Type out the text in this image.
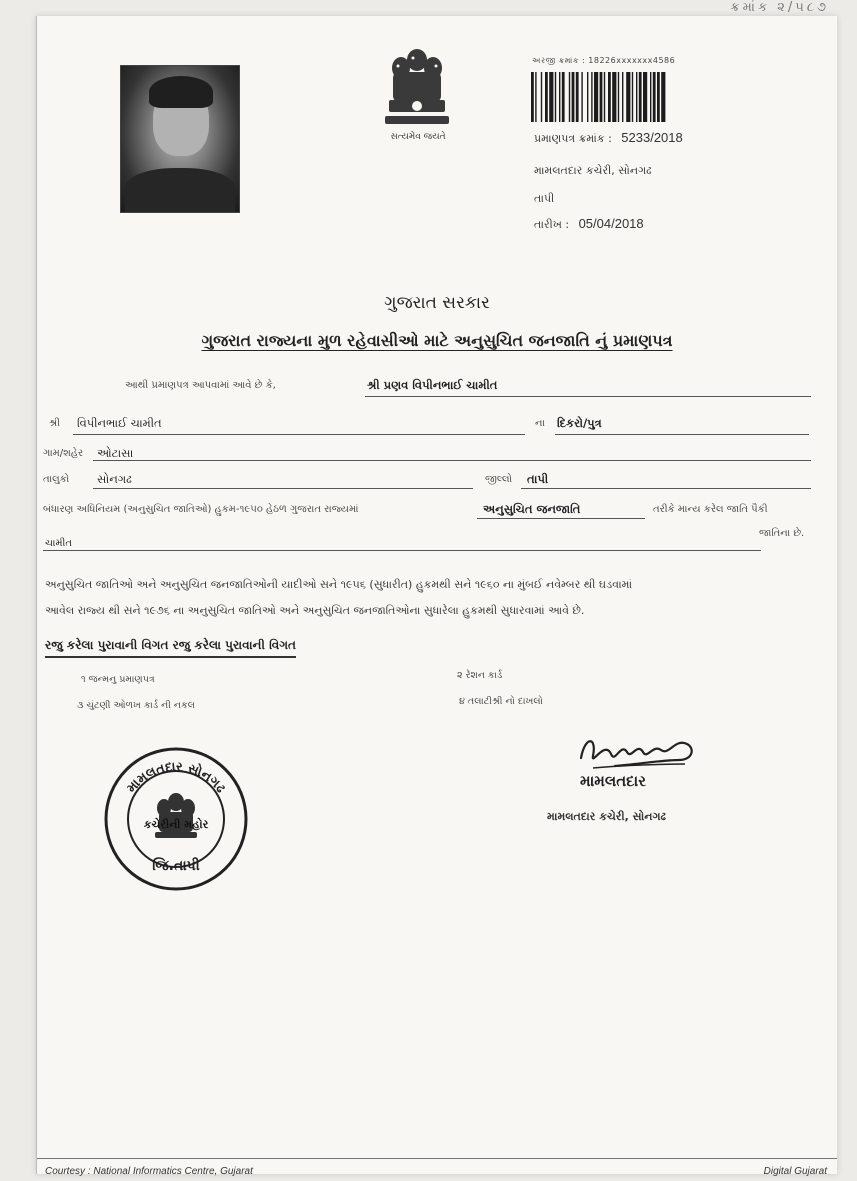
ક્રમાંક ૨/૫૮૭
સત્યમેવ જયતે
અરજી ક્રમાંક : 18226xxxxxxx4586
પ્રમાણપત્ર ક્રમાંક : 5233/2018
મામલતદાર કચેરી, સોનગઢ
તાપી
તારીખ : 05/04/2018
ગુજરાત સરકાર
ગુજરાત રાજ્યના મુળ રહેવાસીઓ માટે અનુસુચિત જનજાતિ નું પ્રમાણપત્ર
આથી પ્રમાણપત્ર આપવામાં આવે છે કે,	શ્રી પ્રણવ વિપીનભાઈ ચામીત
શ્રી વિપીનભાઈ ચામીત	ના દિકરો/પુત્ર
ગામ/શહેર ઓટાસા
તાલુકો સોનગઢ	જીલ્લો તાપી
બંધારણ અધિનિયમ (અનુસુચિત જાતિઓ) હુકમ-૧૯૫૦ હેઠળ ગુજરાત રાજ્યમાં	અનુસુચિત જનજાતિ	તરીકે માન્ય કરેલ જાતિ પૈકી
જાતિના છે.
ચામીત
અનુસુચિત જાતિઓ અને અનુસુચિત જનજાતિઓની યાદીઓ સને ૧૯૫૬ (સુધારીત) હુકમથી સને ૧૯૬૦ ના મુંબઈ નવેમ્બર થી ઘડવામાં
આવેલ રાજ્ય થી સને ૧૯૭૬ ના અનુસુચિત જાતિઓ અને અનુસુચિત જનજાતિઓના સુધારેલા હુકમથી સુધારવામાં આવે છે.
રજુ કરેલા પુરાવાની વિગત રજુ કરેલા પુરાવાની વિગત
૧ જન્મનુ પ્રમાણપત્ર	૨ રેશન કાર્ડ
૩ ચુંટણી ઓળખ કાર્ડ ની નકલ	૪ તલાટીશ્રી નો દાખલો
મામલતદાર સોનગઢ
કચેરીની મહોર
જિ.તાપી
મામલતદાર
મામલતદાર કચેરી, સોનગઢ
Courtesy : National Informatics Centre, Gujarat	Digital Gujarat
